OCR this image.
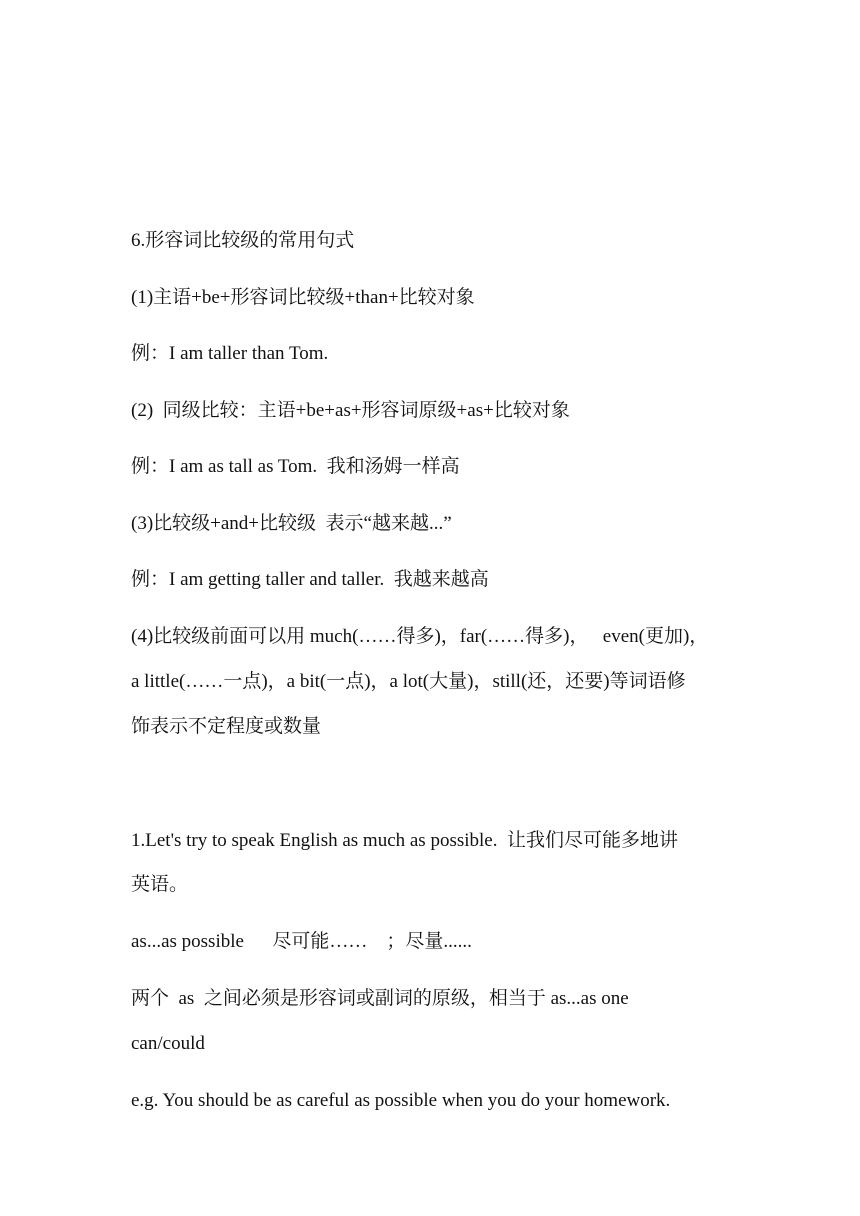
6.形容词比较级的常用句式
(1)主语+be+形容词比较级+than+比较对象
例：I am taller than Tom.
(2)  同级比较：主语+be+as+形容词原级+as+比较对象
例：I am as tall as Tom.  我和汤姆一样高
(3)比较级+and+比较级  表示“越来越...”
例：I am getting taller and taller.  我越来越高
(4)比较级前面可以用 much(……得多)，far(……得多)，   even(更加)，
a little(……一点)，a bit(一点)，a lot(大量)，still(还，还要)等词语修
饰表示不定程度或数量
1.Let's try to speak English as much as possible.  让我们尽可能多地讲
英语。
as...as possible      尽可能……    ；尽量......
两个  as  之间必须是形容词或副词的原级，相当于 as...as one
can/could
e.g. You should be as careful as possible when you do your homework.
